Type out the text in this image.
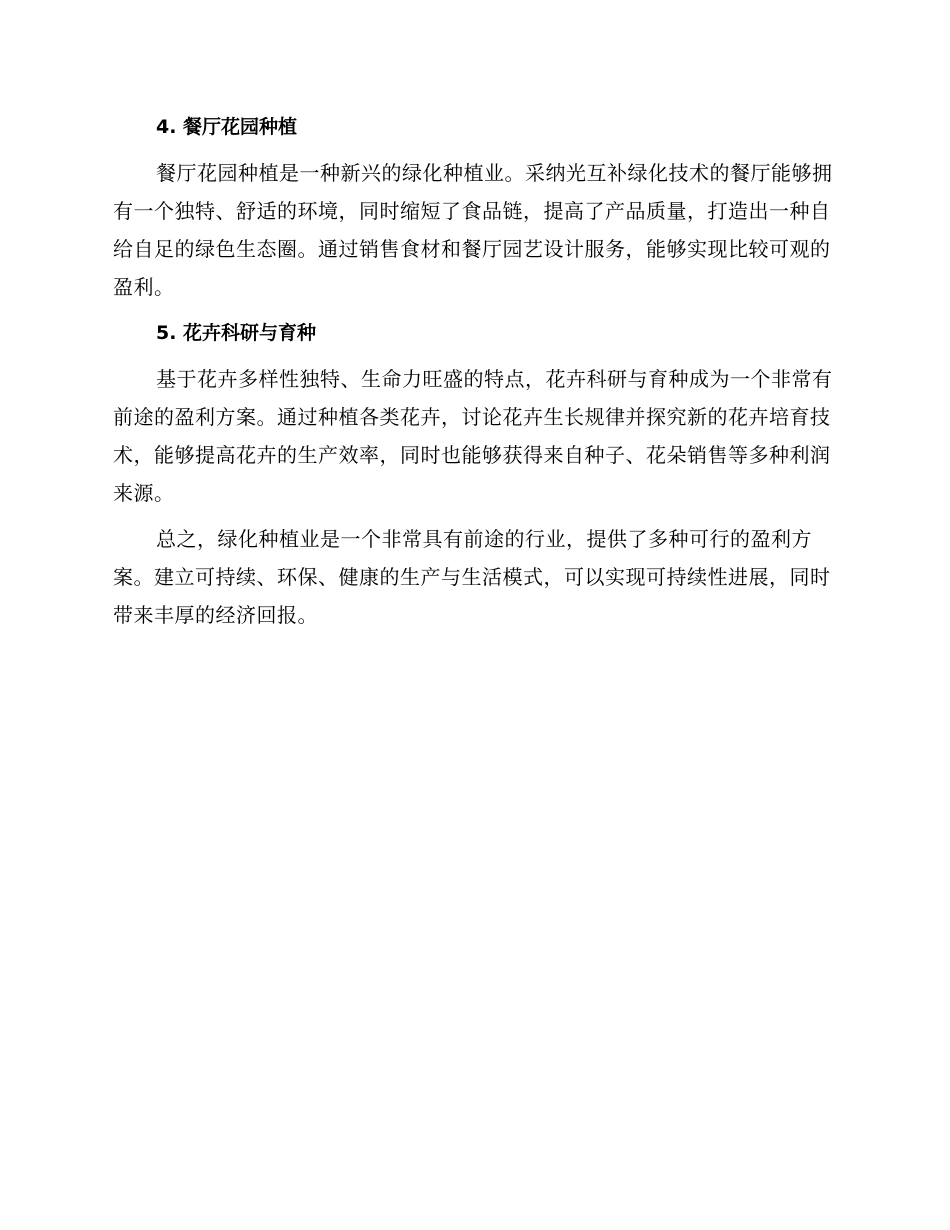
4. 餐厅花园种植

餐厅花园种植是一种新兴的绿化种植业。采纳光互补绿化技术的餐厅能够拥有一个独特、舒适的环境，同时缩短了食品链，提高了产品质量，打造出一种自给自足的绿色生态圈。通过销售食材和餐厅园艺设计服务，能够实现比较可观的盈利。

5. 花卉科研与育种

基于花卉多样性独特、生命力旺盛的特点，花卉科研与育种成为一个非常有前途的盈利方案。通过种植各类花卉，讨论花卉生长规律并探究新的花卉培育技术，能够提高花卉的生产效率，同时也能够获得来自种子、花朵销售等多种利润来源。

总之，绿化种植业是一个非常具有前途的行业，提供了多种可行的盈利方案。建立可持续、环保、健康的生产与生活模式，可以实现可持续性进展，同时带来丰厚的经济回报。
